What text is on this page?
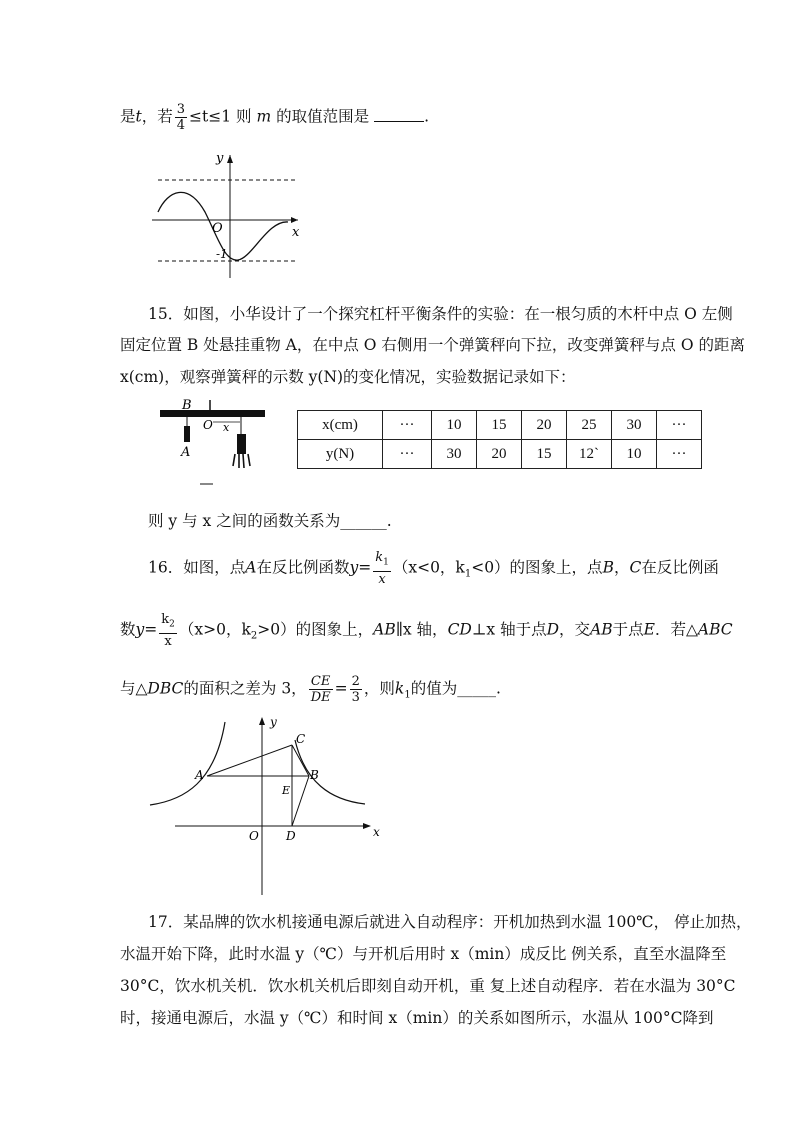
是t，若 $\frac{3}{4} \le t\le 1$ 则 m 的取值范围是	.
y
x
O
-1
15．如图，小华设计了一个探究杠杆平衡条件的实验：在一根匀质的木杆中点 O 左侧
固定位置 B 处悬挂重物 A，在中点 O 右侧用一个弹簧秤向下拉，改变弹簧秤与点 O 的距离
x(cm)，观察弹簧秤的示数 y(N)的变化情况，实验数据记录如下：
B
O x
A
x(cm)	···	10	15	20	25	30	···
y(N)	···	30	20	15	12`	10	···
则 y 与 x 之间的函数关系为______.
16．如图，点A在反比例函数$y= \frac{k_1}{x} (x<0$，$k_1<0$）的图象上，点B，C在反比例函
数$y= \frac{k_2}{x} (x>0$，$k_2>0$）的图象上，AB∥x 轴，CD⊥x 轴于点D，交AB于点E．若△ABC
与△DBC的面积之差为 3， $\frac{CE}{DE} = \frac{2}{3}$ ，则$k_1$的值为_____.
y
x
O
A	B
C
D
E
17．某品牌的饮水机接通电源后就进入自动程序：开机加热到水温 100℃， 停止加热，
水温开始下降，此时水温 y（℃）与开机后用时 x（min）成反比 例关系，直至水温降至
30°C，饮水机关机．饮水机关机后即刻自动开机，重 复上述自动程序．若在水温为 30°C
时，接通电源后，水温 y（℃）和时间 x（min）的关系如图所示，水温从 100°C降到
